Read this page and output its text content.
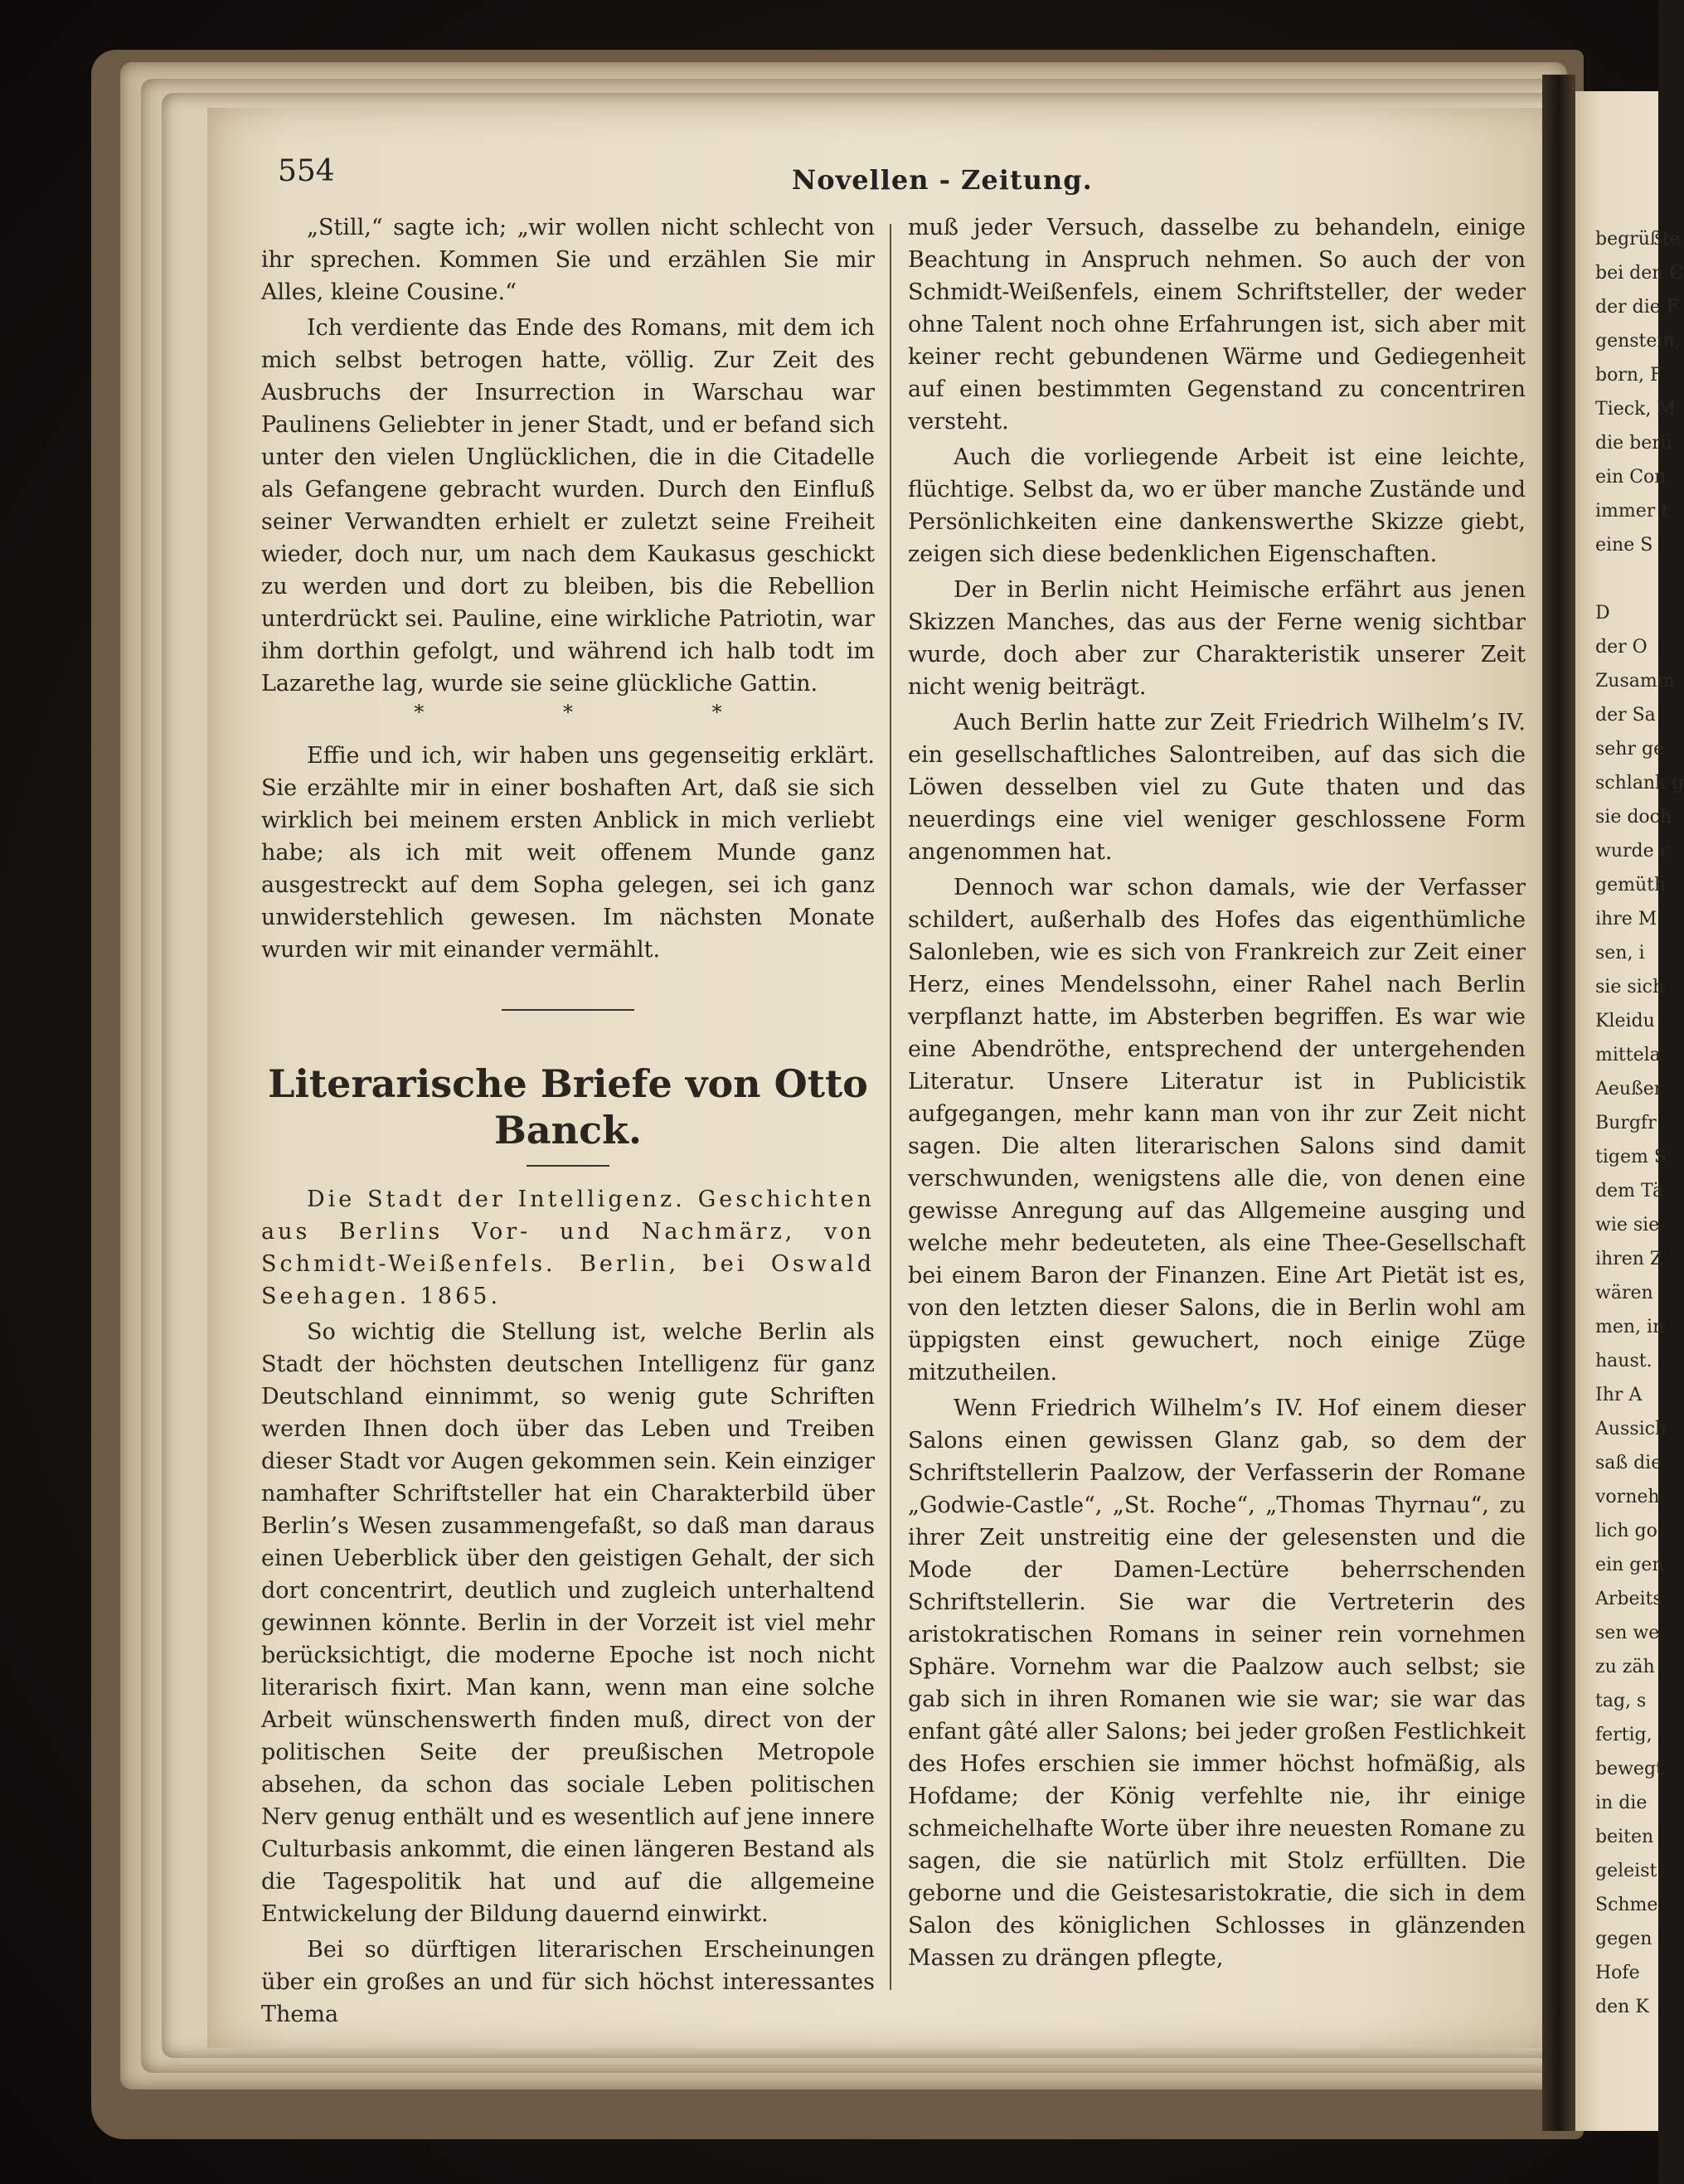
begrüßte
bei den C
der die F
genstein,
born, F
Tieck, M
die berü
ein Con
immer t
eine S
D
der O
Zusamm
der Sa
sehr ge
schlank g
sie doch
wurde r
gemüth
ihre M
sen, i
sie sich
Kleidu
mittela
Aeußer
Burgfr
tigem S
dem Tä
wie sie
ihren Z
wären
men, in
haust.
Ihr A
Aussich
saß die
vorneh
lich go
ein gen
Arbeits
sen we
zu zäh
tag, s
fertig,
bewegt
in die
beiten
geleist
Schme
gegen
Hofe
den K
554	Novellen - Zeitung.

„Still,“ sagte ich; „wir wollen nicht schlecht von ihr sprechen. Kommen Sie und erzählen Sie mir Alles, kleine Cousine.“

Ich verdiente das Ende des Romans, mit dem ich mich selbst betrogen hatte, völlig. Zur Zeit des Ausbruchs der Insurrection in Warschau war Paulinens Geliebter in jener Stadt, und er befand sich unter den vielen Unglücklichen, die in die Citadelle als Gefangene gebracht wurden. Durch den Einfluß seiner Verwandten erhielt er zuletzt seine Freiheit wieder, doch nur, um nach dem Kaukasus geschickt zu werden und dort zu bleiben, bis die Rebellion unterdrückt sei. Pauline, eine wirkliche Patriotin, war ihm dorthin gefolgt, und während ich halb todt im Lazarethe lag, wurde sie seine glückliche Gattin.

* * *

Effie und ich, wir haben uns gegenseitig erklärt. Sie erzählte mir in einer boshaften Art, daß sie sich wirklich bei meinem ersten Anblick in mich verliebt habe; als ich mit weit offenem Munde ganz ausgestreckt auf dem Sopha gelegen, sei ich ganz unwiderstehlich gewesen. Im nächsten Monate wurden wir mit einander vermählt.

Literarische Briefe von Otto Banck.

Die Stadt der Intelligenz. Geschichten aus Berlins Vor- und Nachmärz, von Schmidt-Weißenfels. Berlin, bei Oswald Seehagen. 1865.

So wichtig die Stellung ist, welche Berlin als Stadt der höchsten deutschen Intelligenz für ganz Deutschland einnimmt, so wenig gute Schriften werden Ihnen doch über das Leben und Treiben dieser Stadt vor Augen gekommen sein. Kein einziger namhafter Schriftsteller hat ein Charakterbild über Berlin’s Wesen zusammengefaßt, so daß man daraus einen Ueberblick über den geistigen Gehalt, der sich dort concentrirt, deutlich und zugleich unterhaltend gewinnen könnte. Berlin in der Vorzeit ist viel mehr berücksichtigt, die moderne Epoche ist noch nicht literarisch fixirt. Man kann, wenn man eine solche Arbeit wünschenswerth finden muß, direct von der politischen Seite der preußischen Metropole absehen, da schon das sociale Leben politischen Nerv genug enthält und es wesentlich auf jene innere Culturbasis ankommt, die einen längeren Bestand als die Tagespolitik hat und auf die allgemeine Entwickelung der Bildung dauernd einwirkt.

Bei so dürftigen literarischen Erscheinungen über ein großes an und für sich höchst interessantes Thema

muß jeder Versuch, dasselbe zu behandeln, einige Beachtung in Anspruch nehmen. So auch der von Schmidt-Weißenfels, einem Schriftsteller, der weder ohne Talent noch ohne Erfahrungen ist, sich aber mit keiner recht gebundenen Wärme und Gediegenheit auf einen bestimmten Gegenstand zu concentriren versteht.

Auch die vorliegende Arbeit ist eine leichte, flüchtige. Selbst da, wo er über manche Zustände und Persönlichkeiten eine dankenswerthe Skizze giebt, zeigen sich diese bedenklichen Eigenschaften.

Der in Berlin nicht Heimische erfährt aus jenen Skizzen Manches, das aus der Ferne wenig sichtbar wurde, doch aber zur Charakteristik unserer Zeit nicht wenig beiträgt.

Auch Berlin hatte zur Zeit Friedrich Wilhelm’s IV. ein gesellschaftliches Salontreiben, auf das sich die Löwen desselben viel zu Gute thaten und das neuerdings eine viel weniger geschlossene Form angenommen hat.

Dennoch war schon damals, wie der Verfasser schildert, außerhalb des Hofes das eigenthümliche Salonleben, wie es sich von Frankreich zur Zeit einer Herz, eines Mendelssohn, einer Rahel nach Berlin verpflanzt hatte, im Absterben begriffen. Es war wie eine Abendröthe, entsprechend der untergehenden Literatur. Unsere Literatur ist in Publicistik aufgegangen, mehr kann man von ihr zur Zeit nicht sagen. Die alten literarischen Salons sind damit verschwunden, wenigstens alle die, von denen eine gewisse Anregung auf das Allgemeine ausging und welche mehr bedeuteten, als eine Thee-Gesellschaft bei einem Baron der Finanzen. Eine Art Pietät ist es, von den letzten dieser Salons, die in Berlin wohl am üppigsten einst gewuchert, noch einige Züge mitzutheilen.

Wenn Friedrich Wilhelm’s IV. Hof einem dieser Salons einen gewissen Glanz gab, so dem der Schriftstellerin Paalzow, der Verfasserin der Romane „Godwie-Castle“, „St. Roche“, „Thomas Thyrnau“, zu ihrer Zeit unstreitig eine der gelesensten und die Mode der Damen-Lectüre beherrschenden Schriftstellerin. Sie war die Vertreterin des aristokratischen Romans in seiner rein vornehmen Sphäre. Vornehm war die Paalzow auch selbst; sie gab sich in ihren Romanen wie sie war; sie war das enfant gâté aller Salons; bei jeder großen Festlichkeit des Hofes erschien sie immer höchst hofmäßig, als Hofdame; der König verfehlte nie, ihr einige schmeichelhafte Worte über ihre neuesten Romane zu sagen, die sie natürlich mit Stolz erfüllten. Die geborne und die Geistesaristokratie, die sich in dem Salon des königlichen Schlosses in glänzenden Massen zu drängen pflegte,
